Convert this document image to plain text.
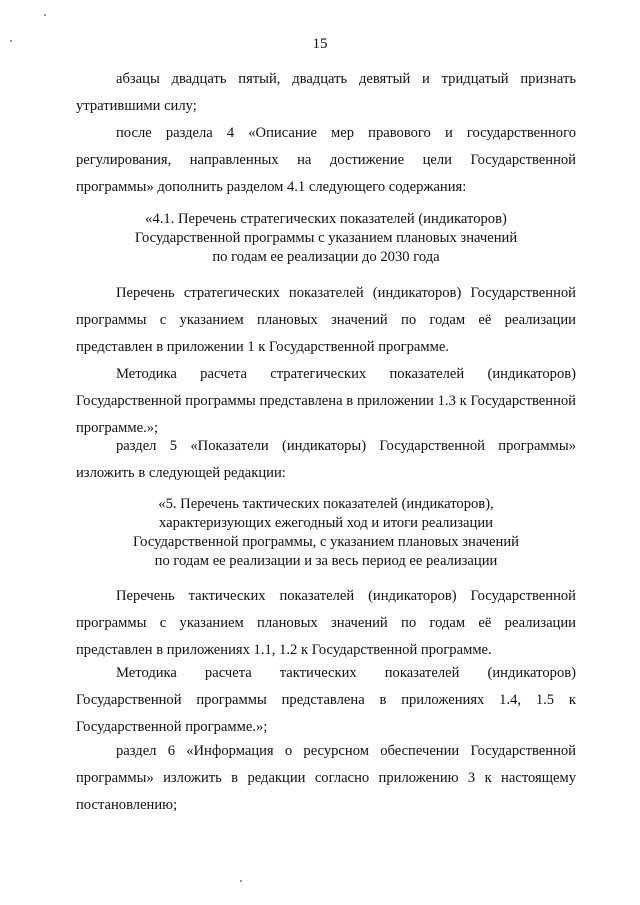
15

абзацы двадцать пятый, двадцать девятый и тридцатый признать утратившими силу;

после раздела 4 «Описание мер правового и государственного регулирования, направленных на достижение цели Государственной программы» дополнить разделом 4.1 следующего содержания:

«4.1. Перечень стратегических показателей (индикаторов)
Государственной программы с указанием плановых значений
по годам ее реализации до 2030 года

Перечень стратегических показателей (индикаторов) Государственной программы с указанием плановых значений по годам её реализации представлен в приложении 1 к Государственной программе.

Методика расчета стратегических показателей (индикаторов) Государственной программы представлена в приложении 1.3 к Государственной программе.»;

раздел 5 «Показатели (индикаторы) Государственной программы» изложить в следующей редакции:

«5. Перечень тактических показателей (индикаторов),
характеризующих ежегодный ход и итоги реализации
Государственной программы, с указанием плановых значений
по годам ее реализации и за весь период ее реализации

Перечень тактических показателей (индикаторов) Государственной программы с указанием плановых значений по годам её реализации представлен в приложениях 1.1, 1.2 к Государственной программе.

Методика расчета тактических показателей (индикаторов) Государственной программы представлена в приложениях 1.4, 1.5 к Государственной программе.»;

раздел 6 «Информация о ресурсном обеспечении Государственной программы» изложить в редакции согласно приложению 3 к настоящему постановлению;
